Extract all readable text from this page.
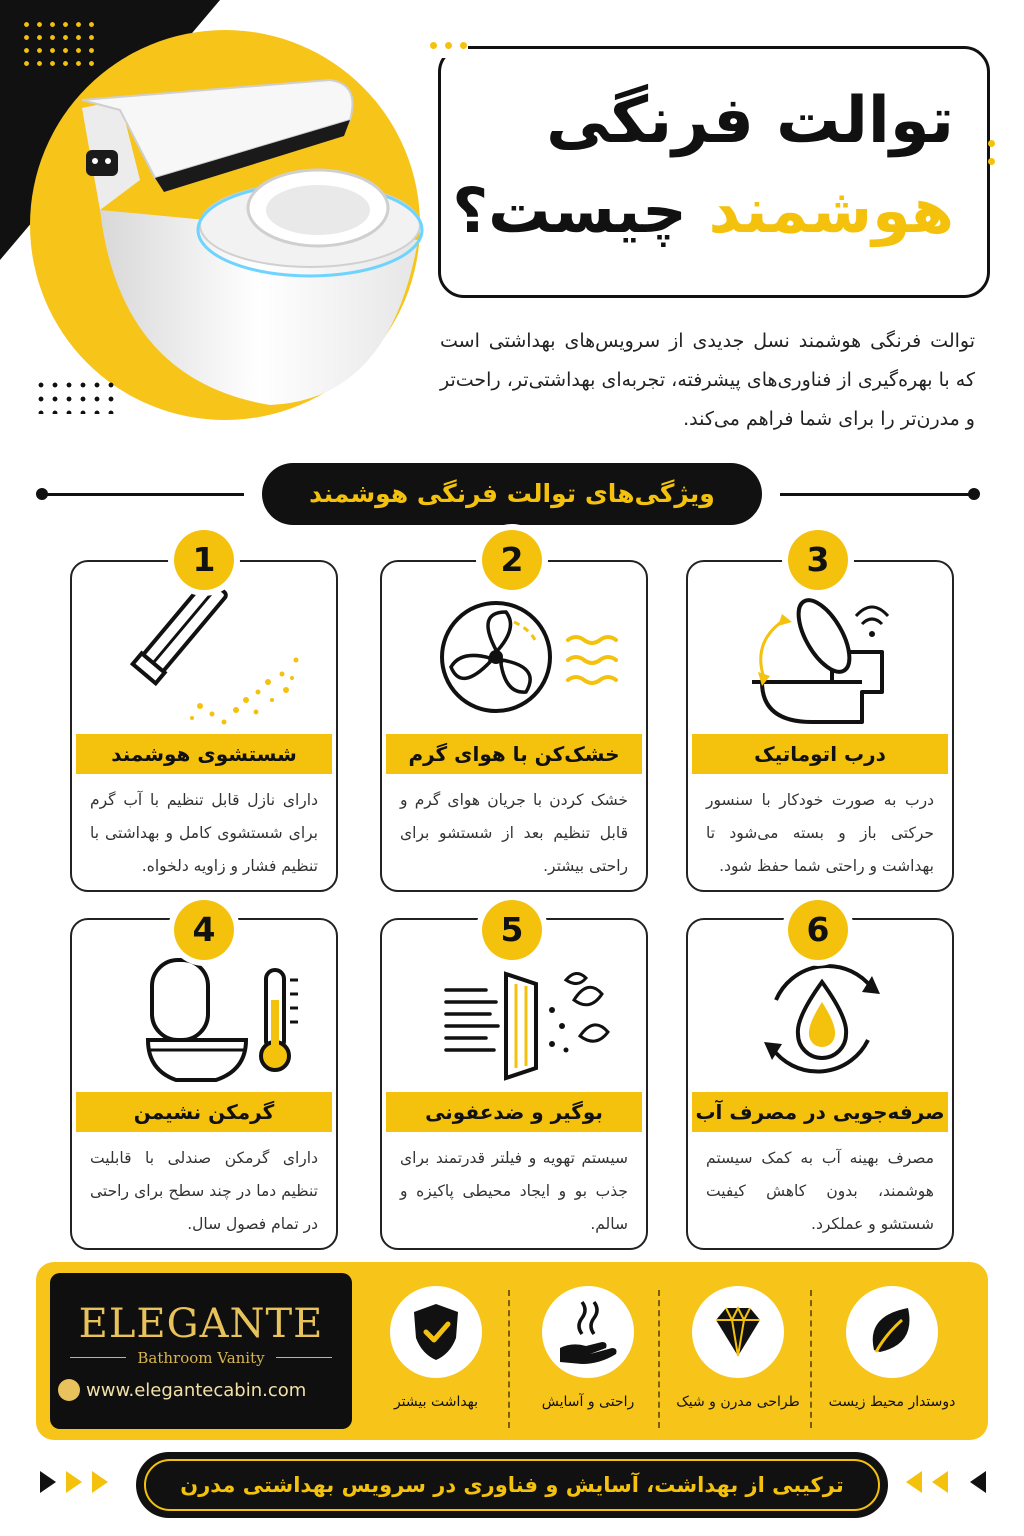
توالت فرنگی
هوشمند چیست؟
توالت فرنگی هوشمند نسل جدیدی از سرویس‌های بهداشتی است که با بهره‌گیری از فناوری‌های پیشرفته، تجربه‌ای بهداشتی‌تر، راحت‌تر و مدرن‌تر را برای شما فراهم می‌کند.
ویژگی‌های توالت فرنگی هوشمند
شستشوی هوشمند
دارای نازل قابل تنظیم با آب گرم برای شستشوی کامل و بهداشتی با تنظیم فشار و زاویه دلخواه.
1
خشک‌کن با هوای گرم
خشک کردن با جریان هوای گرم و قابل تنظیم بعد از شستشو برای راحتی بیشتر.
2
درب اتوماتیک
درب به صورت خودکار با سنسور حرکتی باز و بسته می‌شود تا بهداشت و راحتی شما حفظ شود.
3
گرمکن نشیمن
دارای گرمکن صندلی با قابلیت تنظیم دما در چند سطح برای راحتی در تمام فصول سال.
4
بوگیر و ضدعفونی
سیستم تهویه و فیلتر قدرتمند برای جذب بو و ایجاد محیطی پاکیزه و سالم.
5
صرفه‌جویی در مصرف آب
مصرف بهینه آب به کمک سیستم هوشمند، بدون کاهش کیفیت شستشو و عملکرد.
6
ELEGANTE
Bathroom Vanity
www.elegantecabin.com
بهداشت بیشتر	راحتی و آسایش	طراحی مدرن و شیک	دوستدار محیط زیست
ترکیبی از بهداشت، آسایش و فناوری در سرویس بهداشتی مدرن
